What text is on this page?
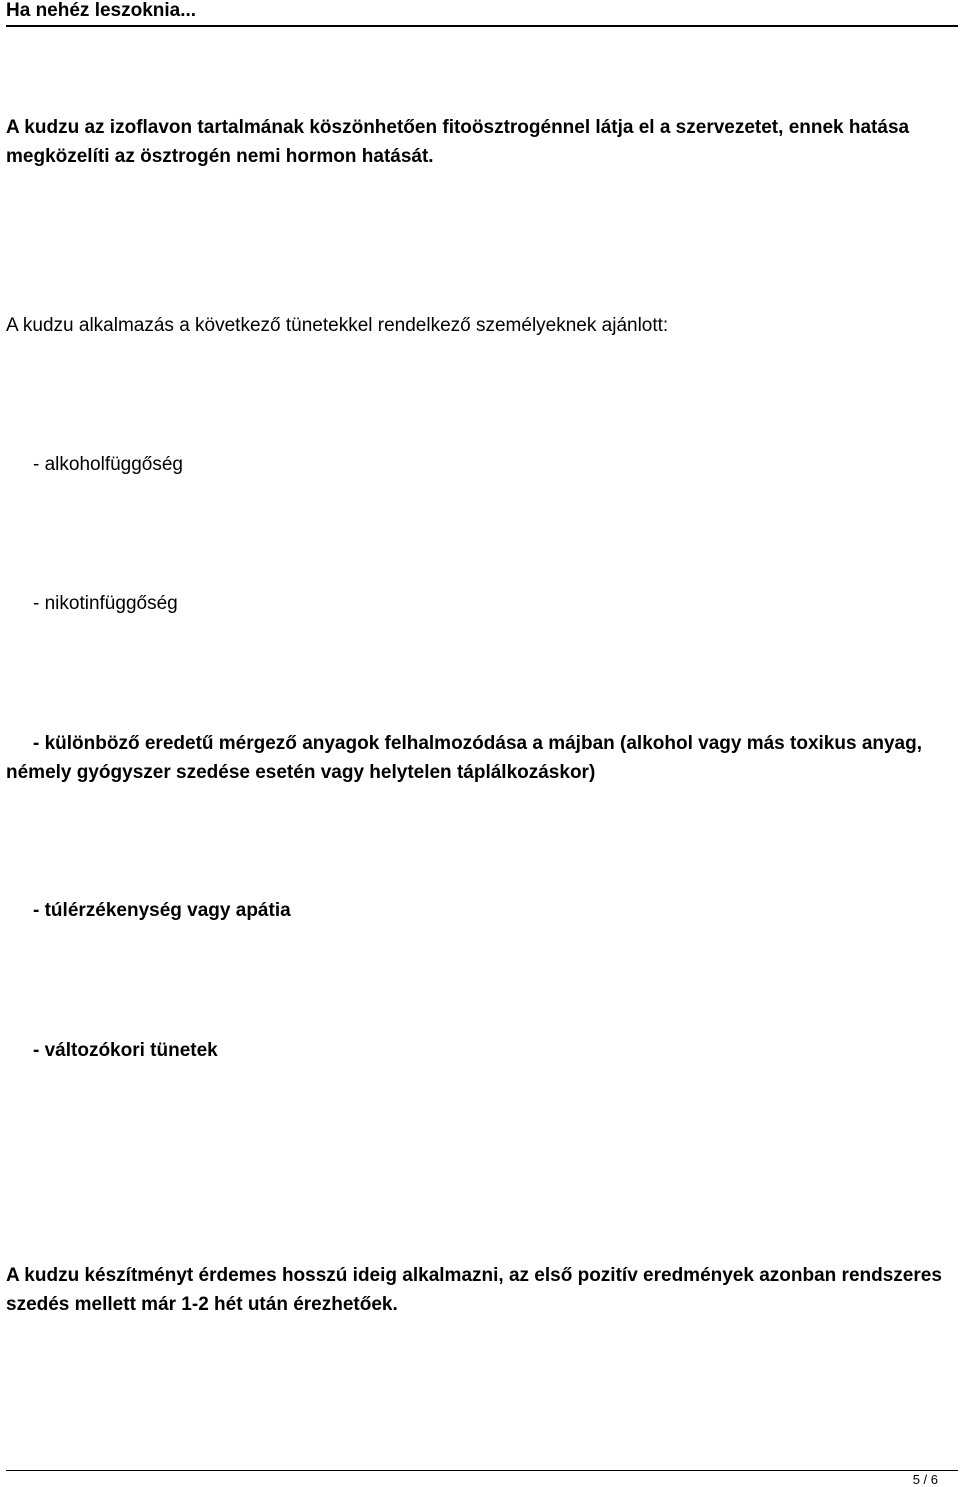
Ha nehéz leszoknia...

A kudzu az izoflavon tartalmának köszönhetően fitoösztrogénnel látja el a szervezetet, ennek hatása megközelíti az ösztrogén nemi hormon hatását.

A kudzu alkalmazás a következő tünetekkel rendelkező személyeknek ajánlott:

- alkoholfüggőség

- nikotinfüggőség

- különböző eredetű mérgező anyagok felhalmozódása a májban (alkohol vagy más toxikus anyag, némely gyógyszer szedése esetén vagy helytelen táplálkozáskor)

- túlérzékenység vagy apátia

- változókori tünetek

A kudzu készítményt érdemes hosszú ideig alkalmazni, az első pozitív eredmények azonban rendszeres szedés mellett már 1-2 hét után érezhetőek.

5 / 6
